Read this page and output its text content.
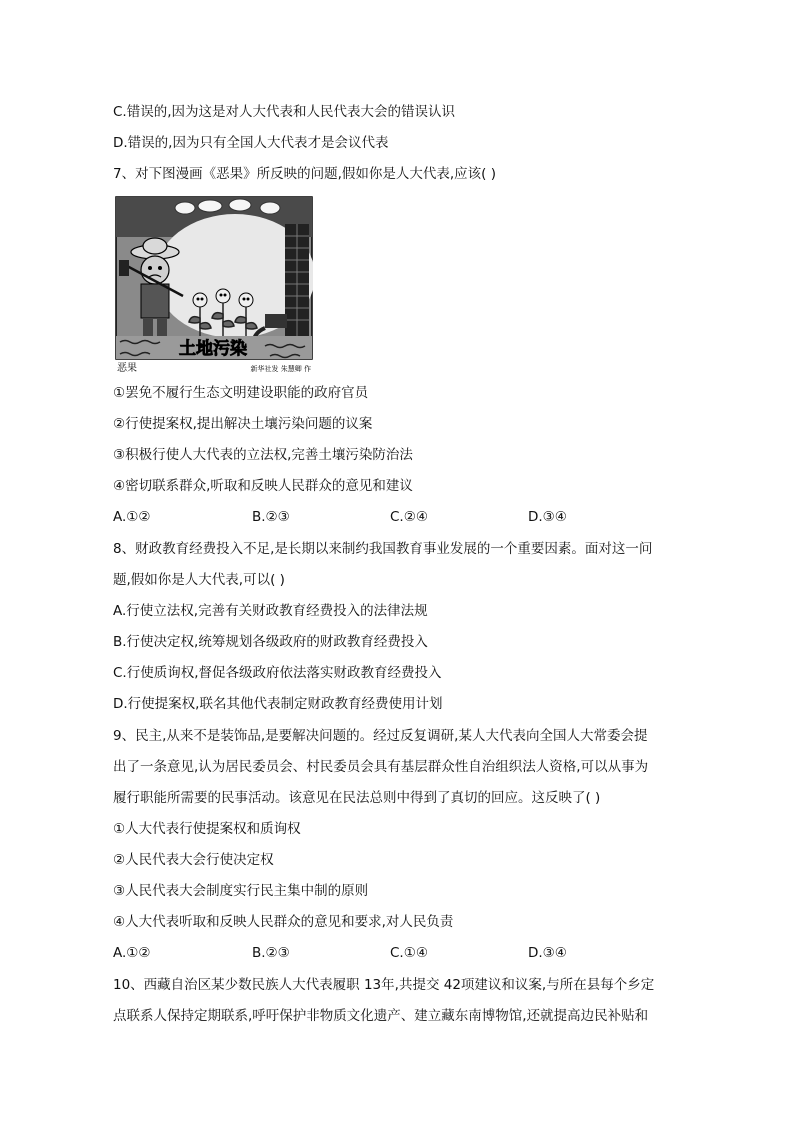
C.错误的,因为这是对人大代表和人民代表大会的错误认识
D.错误的,因为只有全国人大代表才是会议代表
7、对下图漫画《恶果》所反映的问题,假如你是人大代表,应该( )
土地污染
恶果	新华社发 朱慧卿 作
①罢免不履行生态文明建设职能的政府官员
②行使提案权,提出解决土壤污染问题的议案
③积极行使人大代表的立法权,完善土壤污染防治法
④密切联系群众,听取和反映人民群众的意见和建议
A.①②	B.②③	C.②④	D.③④
8、财政教育经费投入不足,是长期以来制约我国教育事业发展的一个重要因素。面对这一问
题,假如你是人大代表,可以( )
A.行使立法权,完善有关财政教育经费投入的法律法规
B.行使决定权,统筹规划各级政府的财政教育经费投入
C.行使质询权,督促各级政府依法落实财政教育经费投入
D.行使提案权,联名其他代表制定财政教育经费使用计划
9、民主,从来不是装饰品,是要解决问题的。经过反复调研,某人大代表向全国人大常委会提
出了一条意见,认为居民委员会、村民委员会具有基层群众性自治组织法人资格,可以从事为
履行职能所需要的民事活动。该意见在民法总则中得到了真切的回应。这反映了( )
①人大代表行使提案权和质询权
②人民代表大会行使决定权
③人民代表大会制度实行民主集中制的原则
④人大代表听取和反映人民群众的意见和要求,对人民负责
A.①②	B.②③	C.①④	D.③④
10、西藏自治区某少数民族人大代表履职 13年,共提交 42项建议和议案,与所在县每个乡定
点联系人保持定期联系,呼吁保护非物质文化遗产、建立藏东南博物馆,还就提高边民补贴和
